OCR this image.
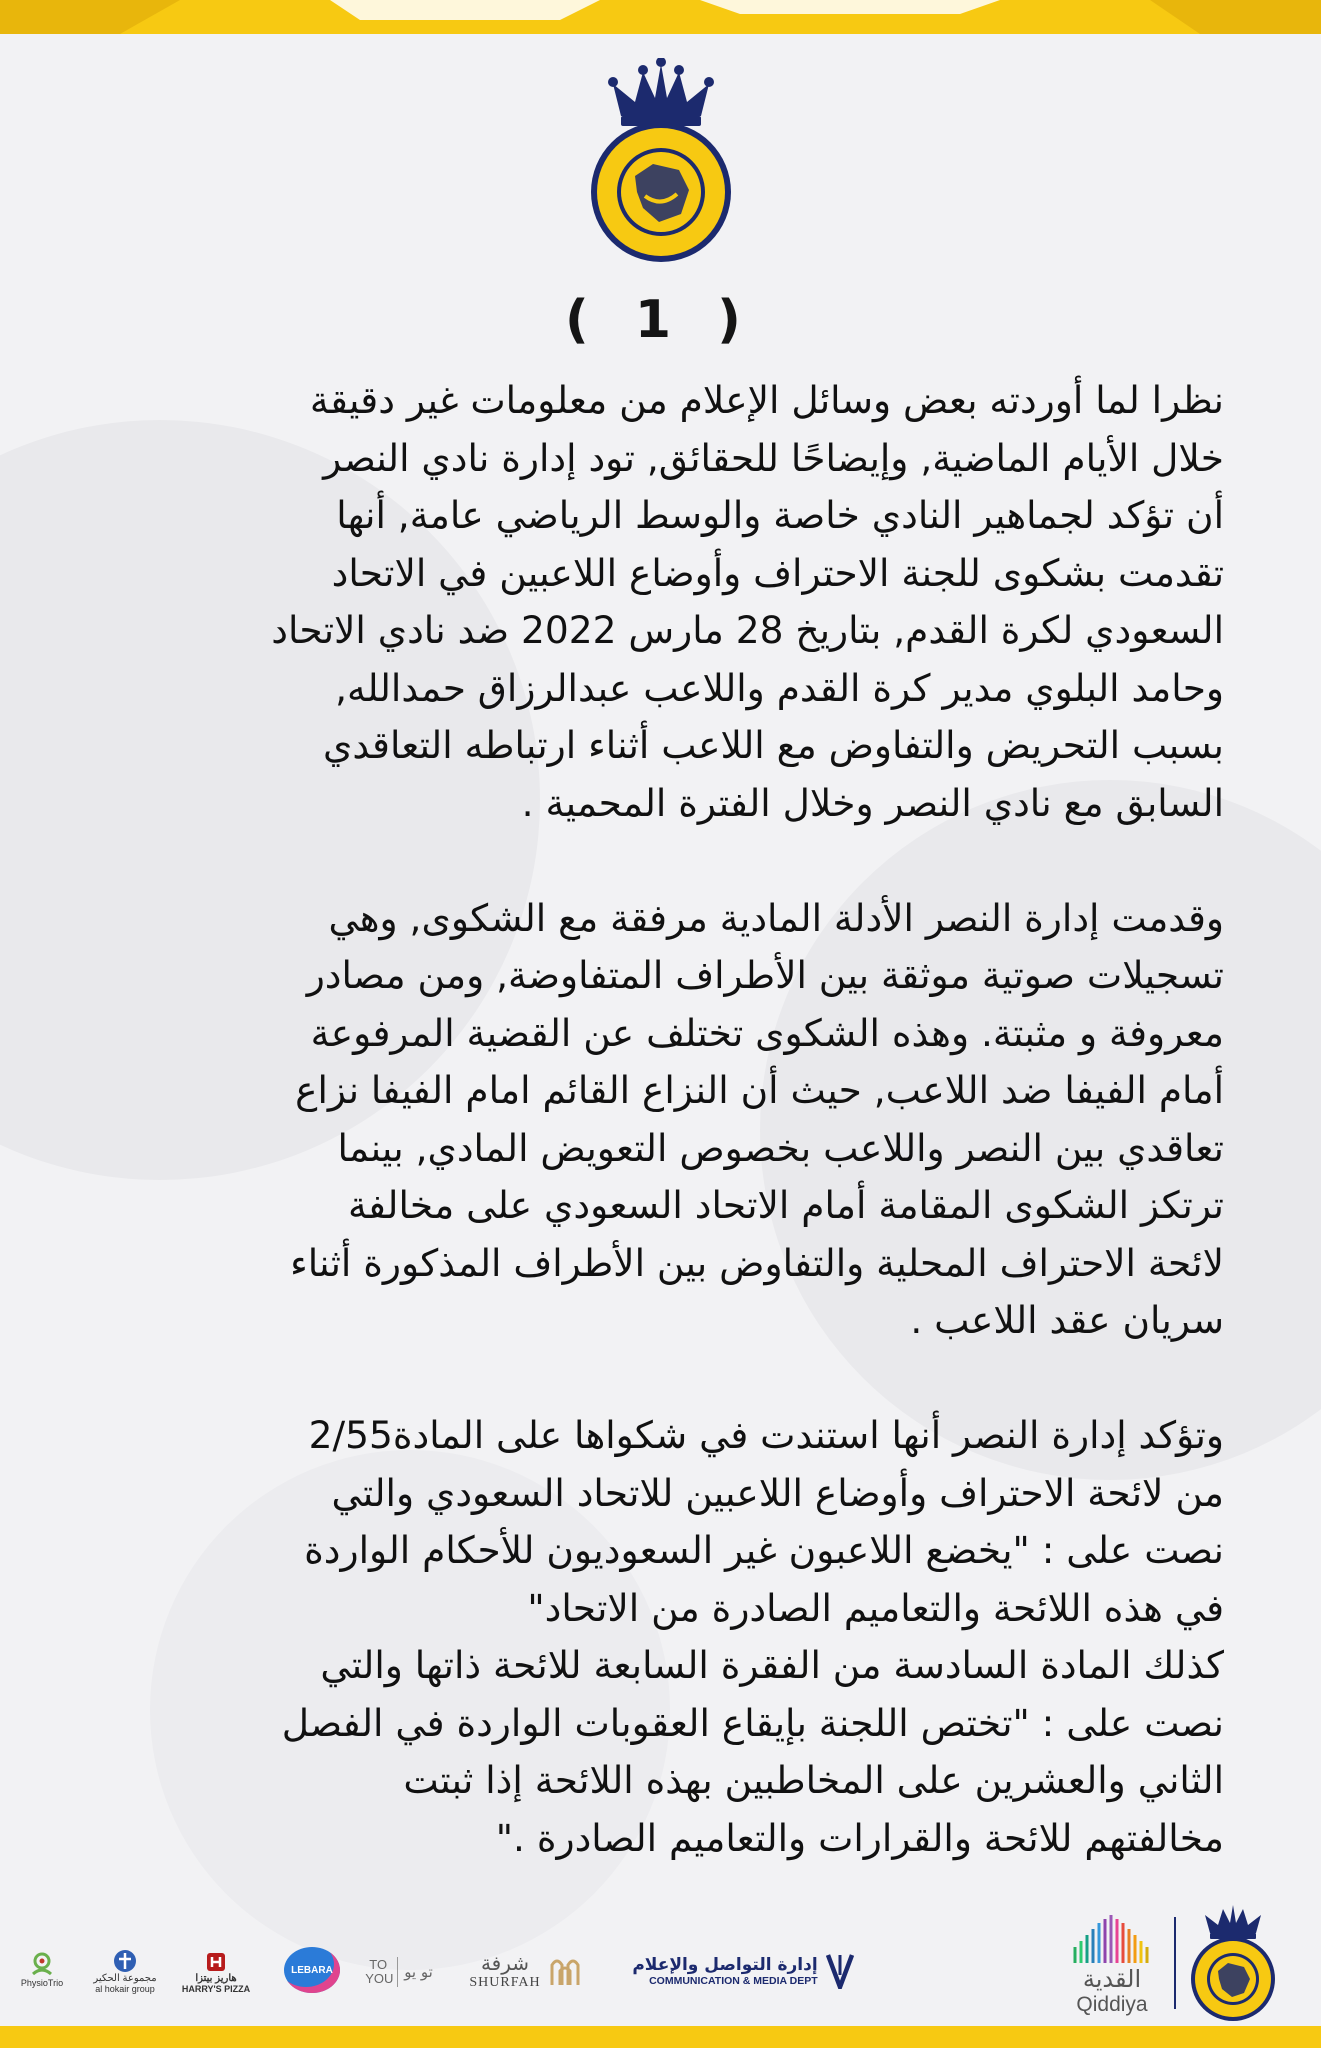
( 1 )
نظرا لما أوردته بعض وسائل الإعلام من معلومات غير دقيقة
خلال الأيام الماضية, وإيضاحًا للحقائق, تود إدارة نادي النصر
أن تؤكد لجماهير النادي خاصة والوسط الرياضي عامة, أنها
تقدمت بشكوى للجنة الاحتراف وأوضاع اللاعبين في الاتحاد
السعودي لكرة القدم, بتاريخ 28 مارس 2022 ضد نادي الاتحاد
وحامد البلوي مدير كرة القدم واللاعب عبدالرزاق حمدالله,
بسبب التحريض والتفاوض مع اللاعب أثناء ارتباطه التعاقدي
السابق مع نادي النصر وخلال الفترة المحمية .
وقدمت إدارة النصر الأدلة المادية مرفقة مع الشكوى, وهي
تسجيلات صوتية موثقة بين الأطراف المتفاوضة, ومن مصادر
معروفة و مثبتة. وهذه الشكوى تختلف عن القضية المرفوعة
أمام الفيفا ضد اللاعب, حيث أن النزاع القائم امام الفيفا نزاع
تعاقدي بين النصر واللاعب بخصوص التعويض المادي, بينما
ترتكز الشكوى المقامة أمام الاتحاد السعودي على مخالفة
لائحة الاحتراف المحلية والتفاوض بين الأطراف المذكورة أثناء
سريان عقد اللاعب .
وتؤكد إدارة النصر أنها استندت في شكواها على المادة2/55
من لائحة الاحتراف وأوضاع اللاعبين للاتحاد السعودي والتي
نصت على : "يخضع اللاعبون غير السعوديون للأحكام الواردة
في هذه اللائحة والتعاميم الصادرة من الاتحاد"
كذلك المادة السادسة من الفقرة السابعة للائحة ذاتها والتي
نصت على : "تختص اللجنة بإيقاع العقوبات الواردة في الفصل
الثاني والعشرين على المخاطبين بهذه اللائحة إذا ثبتت
مخالفتهم للائحة والقرارات والتعاميم الصادرة ."
PhysioTrio	مجموعة الحكير
al hokair group
هاريز بيتزا
HARRY'S PIZZA
LEBARA	TO YOU تو يو شرفة
SHURFAH
إدارة التواصل والإعلام
COMMUNICATION & MEDIA DEPT	القدية
Qiddiya
